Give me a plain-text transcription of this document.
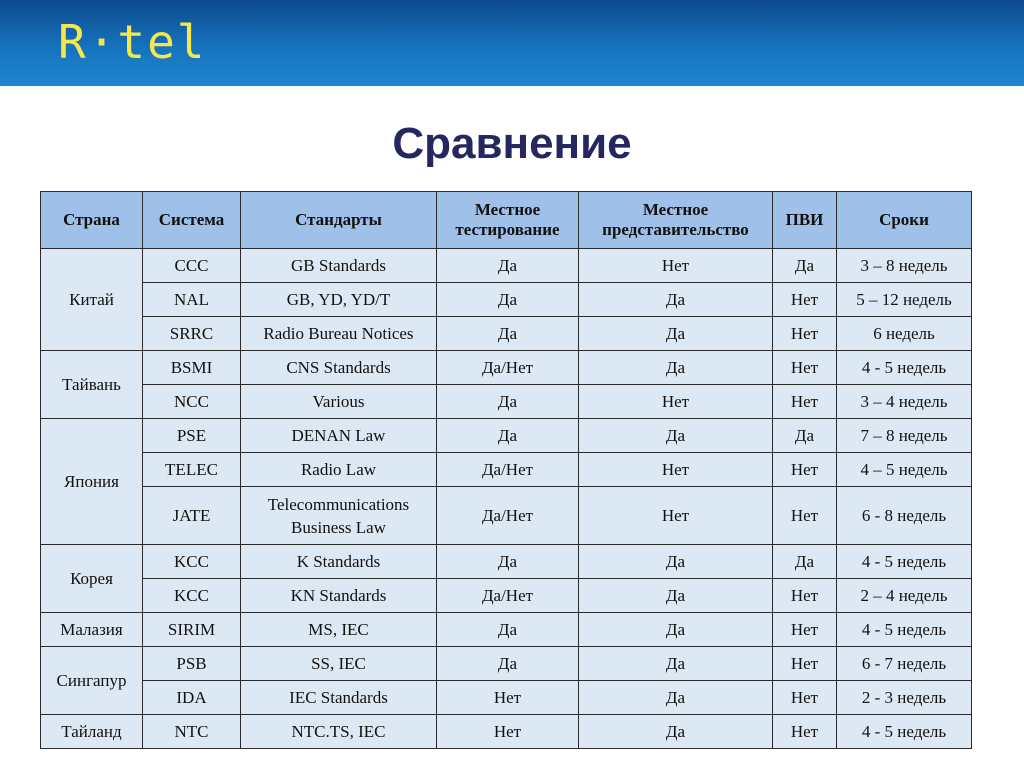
R·tel
Сравнение
Страна	Система	Стандарты	Местное тестирование	Местное представительство	ПВИ	Сроки
Китай	CCC	GB Standards	Да	Нет	Да	3 – 8 недель
	NAL	GB, YD, YD/T	Да	Да	Нет	5 – 12 недель
	SRRC	Radio Bureau Notices	Да	Да	Нет	6 недель
Тайвань	BSMI	CNS Standards	Да/Нет	Да	Нет	4 - 5 недель
	NCC	Various	Да	Нет	Нет	3 – 4 недель
Япония	PSE	DENAN Law	Да	Да	Да	7 – 8 недель
	TELEC	Radio Law	Да/Нет	Нет	Нет	4 – 5 недель
	JATE	Telecommunications Business Law	Да/Нет	Нет	Нет	6 - 8 недель
Корея	KCC	K Standards	Да	Да	Да	4 - 5 недель
	KCC	KN Standards	Да/Нет	Да	Нет	2 – 4 недель
Малазия	SIRIM	MS, IEC	Да	Да	Нет	4 - 5 недель
Сингапур	PSB	SS, IEC	Да	Да	Нет	6 - 7 недель
	IDA	IEC Standards	Нет	Да	Нет	2 - 3 недель
Тайланд	NTC	NTC.TS, IEC	Нет	Да	Нет	4 - 5 недель
